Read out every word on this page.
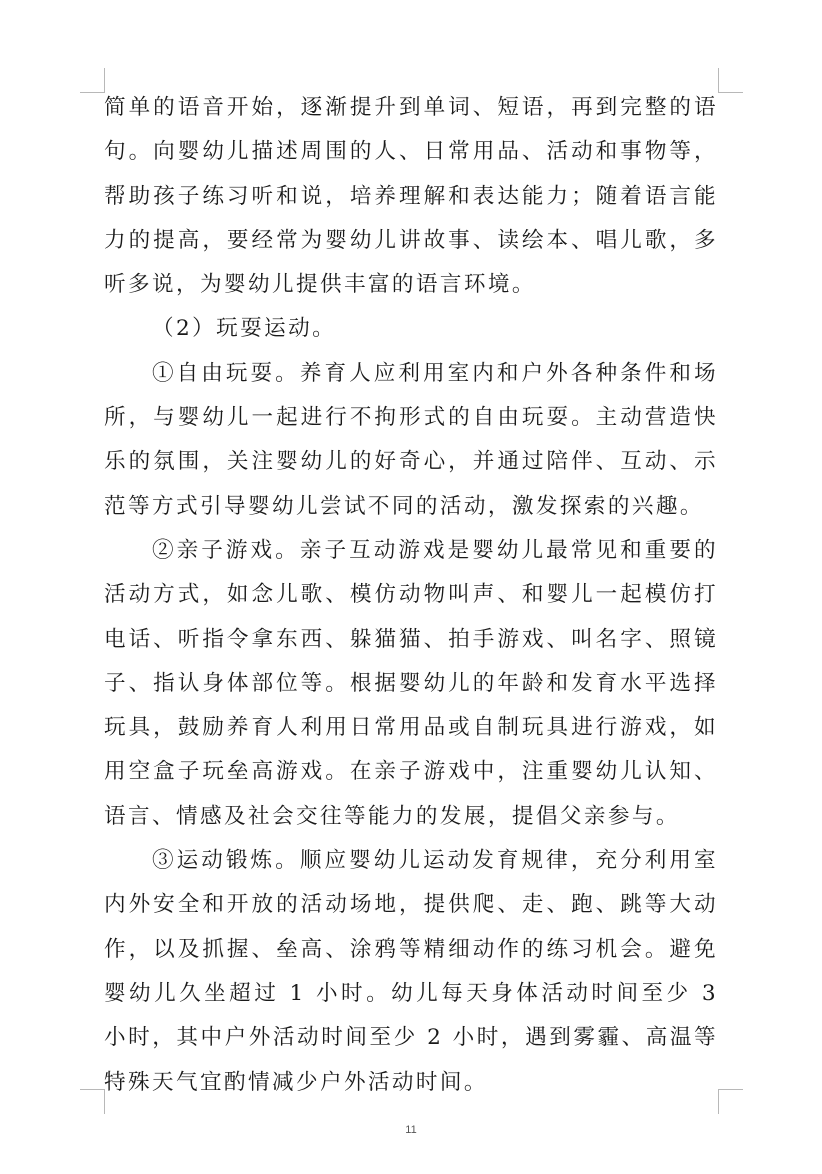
简单的语音开始，逐渐提升到单词、短语，再到完整的语句。向婴幼儿描述周围的人、日常用品、活动和事物等，帮助孩子练习听和说，培养理解和表达能力；随着语言能力的提高，要经常为婴幼儿讲故事、读绘本、唱儿歌，多听多说，为婴幼儿提供丰富的语言环境。

（2）玩耍运动。

①自由玩耍。养育人应利用室内和户外各种条件和场所，与婴幼儿一起进行不拘形式的自由玩耍。主动营造快乐的氛围，关注婴幼儿的好奇心，并通过陪伴、互动、示范等方式引导婴幼儿尝试不同的活动，激发探索的兴趣。

②亲子游戏。亲子互动游戏是婴幼儿最常见和重要的活动方式，如念儿歌、模仿动物叫声、和婴儿一起模仿打电话、听指令拿东西、躲猫猫、拍手游戏、叫名字、照镜子、指认身体部位等。根据婴幼儿的年龄和发育水平选择玩具，鼓励养育人利用日常用品或自制玩具进行游戏，如用空盒子玩垒高游戏。在亲子游戏中，注重婴幼儿认知、语言、情感及社会交往等能力的发展，提倡父亲参与。

③运动锻炼。顺应婴幼儿运动发育规律，充分利用室内外安全和开放的活动场地，提供爬、走、跑、跳等大动作，以及抓握、垒高、涂鸦等精细动作的练习机会。避免婴幼儿久坐超过 1 小时。幼儿每天身体活动时间至少 3 小时，其中户外活动时间至少 2 小时，遇到雾霾、高温等特殊天气宜酌情减少户外活动时间。

11
